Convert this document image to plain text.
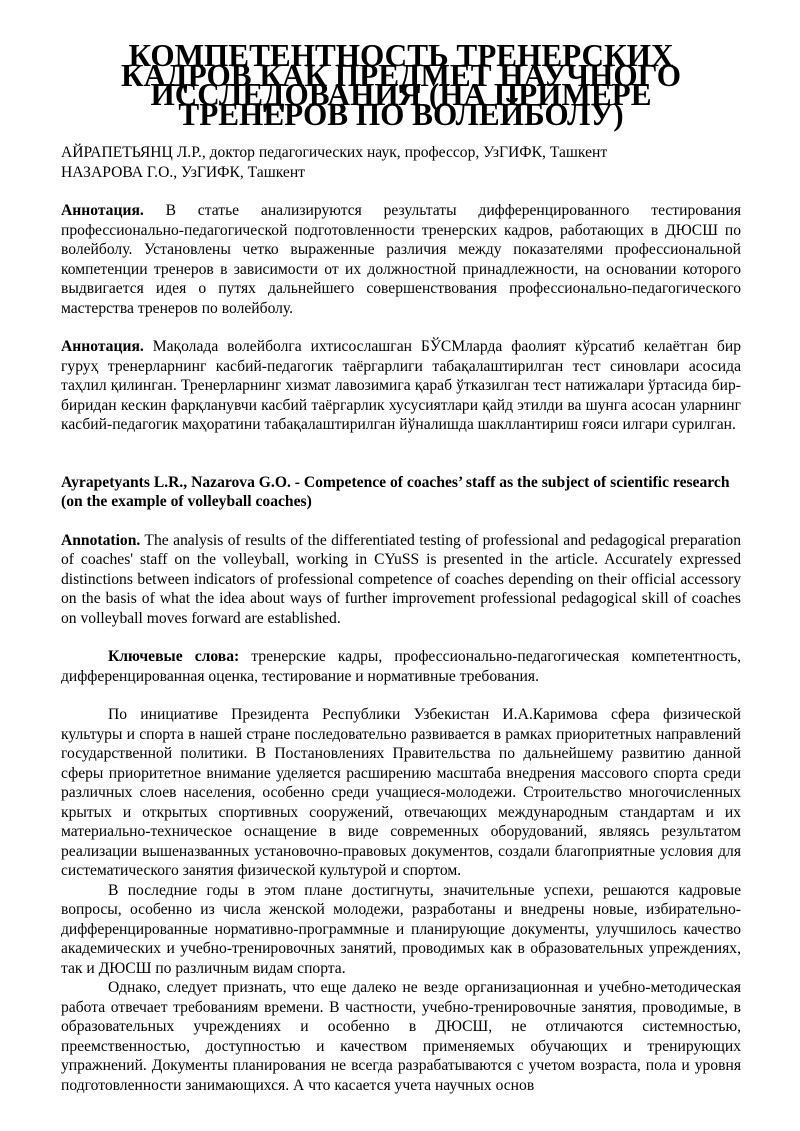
КОМПЕТЕНТНОСТЬ ТРЕНЕРСКИХ КАДРОВ КАК ПРЕДМЕТ НАУЧНОГО ИССЛЕДОВАНИЯ (НА ПРИМЕРЕ ТРЕНЕРОВ ПО ВОЛЕЙБОЛУ)
АЙРАПЕТЬЯНЦ Л.Р., доктор педагогических наук, профессор, УзГИФК, Ташкент
НАЗАРОВА Г.О., УзГИФК, Ташкент

Аннотация. В статье анализируются результаты дифференцированного тестирования профессионально-педагогической подготовленности тренерских кадров, работающих в ДЮСШ по волейболу. Установлены четко выраженные различия между показателями профессиональной компетенции тренеров в зависимости от их должностной принадлежности, на основании которого выдвигается идея о путях дальнейшего совершенствования профессионально-педагогического мастерства тренеров по волейболу.

Аннотация. Мақолада волейболга ихтисослашган БЎСМларда фаолият кўрсатиб келаётган бир гуруҳ тренерларнинг касбий-педагогик таёргарлиги табақалаштирилган тест синовлари асосида таҳлил қилинган. Тренерларнинг хизмат лавозимига қараб ўтказилган тест натижалари ўртасида бир-биридан кескин фарқланувчи касбий таёргарлик хусусиятлари қайд этилди ва шунга асосан уларнинг касбий-педагогик маҳоратини табақалаштирилган йўналишда шакллантириш ғояси илгари сурилган.

Ayrapetyants L.R., Nazarova G.O. - Competence of coaches’ staff as the subject of scientific research (on the example of volleyball coaches)

Annotation. The analysis of results of the differentiated testing of professional and pedagogical preparation of coaches' staff on the volleyball, working in CYuSS is presented in the article. Accurately expressed distinctions between indicators of professional competence of coaches depending on their official accessory on the basis of what the idea about ways of further improvement professional pedagogical skill of coaches on volleyball moves forward are established.

Ключевые слова: тренерские кадры, профессионально-педагогическая компетентность, дифференцированная оценка, тестирование и нормативные требования.

По инициативе Президента Республики Узбекистан И.А.Каримова сфера физической культуры и спорта в нашей стране последовательно развивается в рамках приоритетных направлений государственной политики. В Постановлениях Правительства по дальнейшему развитию данной сферы приоритетное внимание уделяется расширению масштаба внедрения массового спорта среди различных слоев населения, особенно среди учащиеся-молодежи. Строительство многочисленных крытых и открытых спортивных сооружений, отвечающих международным стандартам и их материально-техническое оснащение в виде современных оборудований, являясь результатом реализации вышеназванных установочно-правовых документов, создали благоприятные условия для систематического занятия физической культурой и спортом.

В последние годы в этом плане достигнуты, значительные успехи, решаются кадровые вопросы, особенно из числа женской молодежи, разработаны и внедрены новые, избирательно-дифференцированные нормативно-программные и планирующие документы, улучшилось качество академических и учебно-тренировочных занятий, проводимых как в образовательных упреждениях, так и ДЮСШ по различным видам спорта.

Однако, следует признать, что еще далеко не везде организационная и учебно-методическая работа отвечает требованиям времени. В частности, учебно-тренировочные занятия, проводимые, в образовательных учреждениях и особенно в ДЮСШ, не отличаются системностью, преемственностью, доступностью и качеством применяемых обучающих и тренирующих упражнений. Документы планирования не всегда разрабатываются с учетом возраста, пола и уровня подготовленности занимающихся. А что касается учета научных основ
